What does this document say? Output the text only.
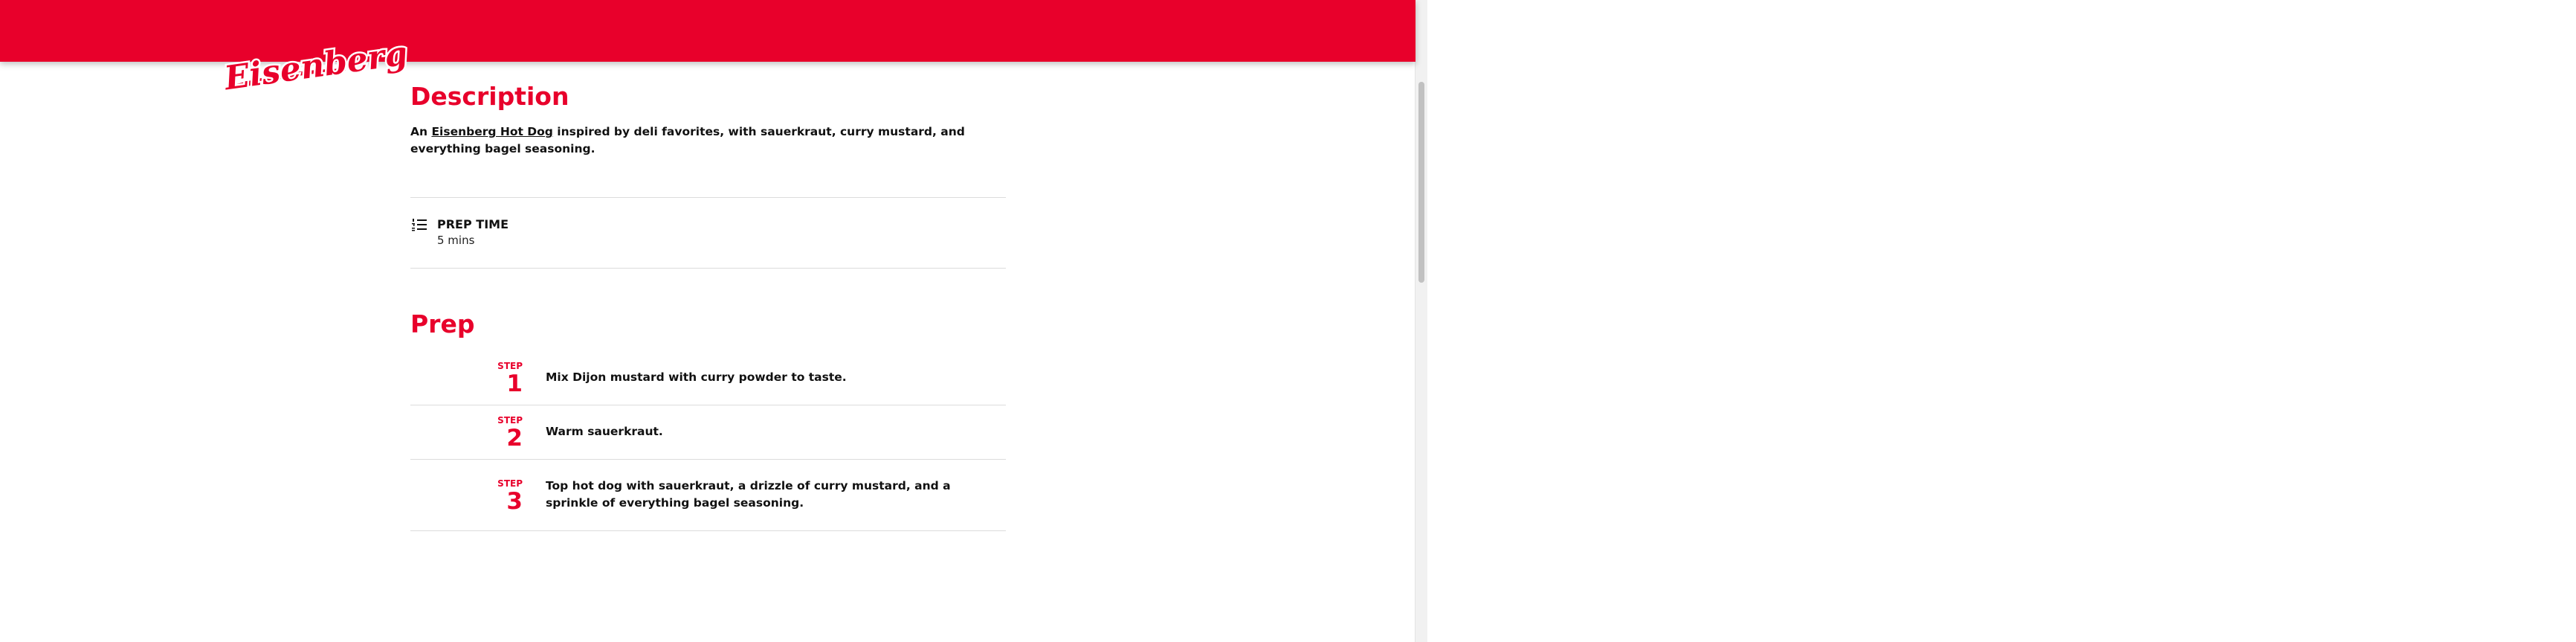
HOME	PRODUCTS	WHERE TO BUY
ABOUT US
Eisenberg Description

An Eisenberg Hot Dog inspired by deli favorites, with sauerkraut, curry mustard, and everything bagel seasoning.

PREP TIME
5 mins
Prep
STEP
1 Mix Dijon mustard with curry powder to taste.
STEP
2 Warm sauerkraut.
STEP
3
Top hot dog with sauerkraut, a drizzle of curry mustard, and a sprinkle of everything bagel seasoning.
